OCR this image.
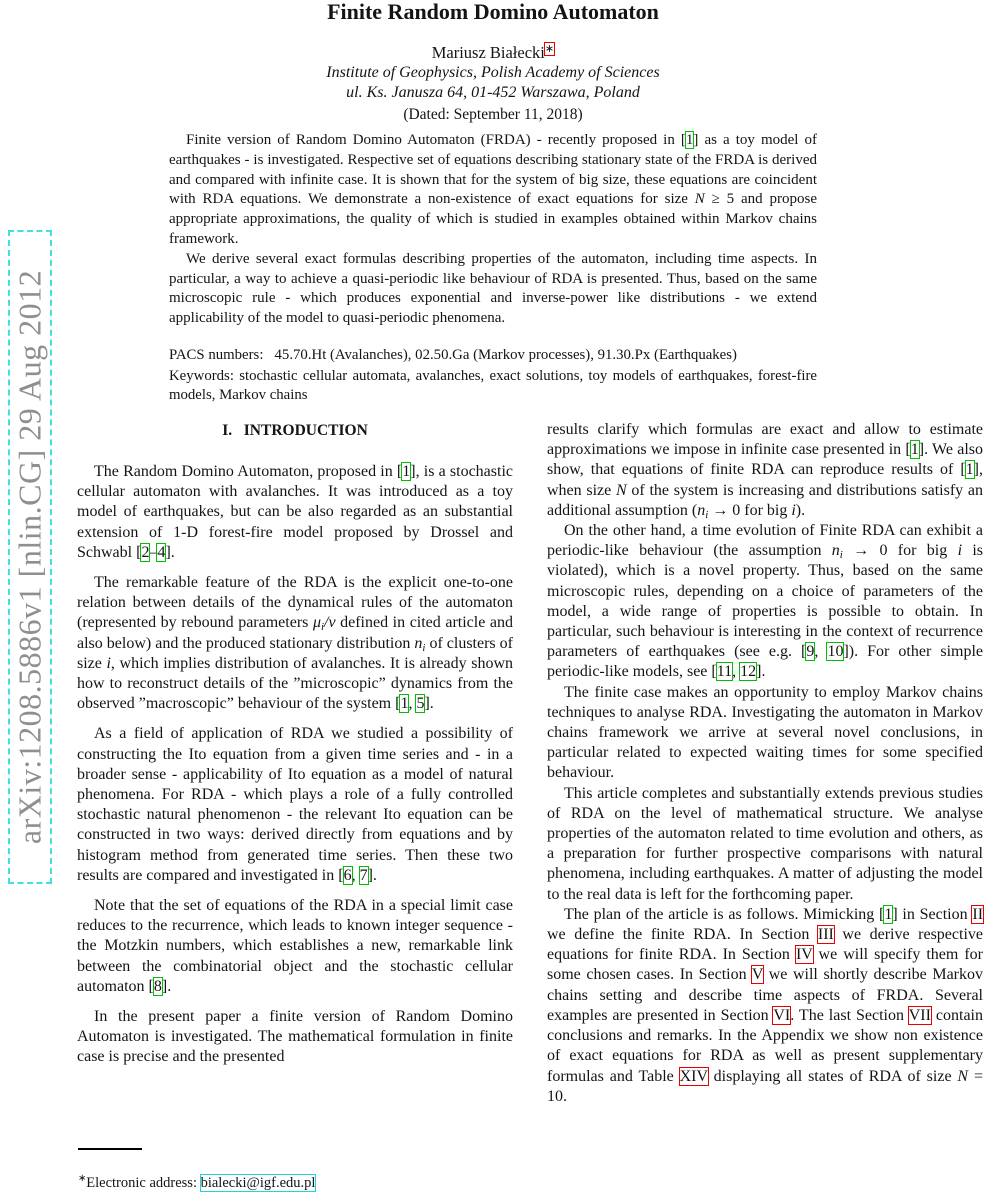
arXiv:1208.5886v1 [nlin.CG] 29 Aug 2012
Finite Random Domino Automaton
Mariusz Białecki∗
Institute of Geophysics, Polish Academy of Sciences
ul. Ks. Janusza 64, 01-452 Warszawa, Poland
(Dated: September 11, 2018)

Finite version of Random Domino Automaton (FRDA) - recently proposed in [1] as a toy model of earthquakes - is investigated. Respective set of equations describing stationary state of the FRDA is derived and compared with infinite case. It is shown that for the system of big size, these equations are coincident with RDA equations. We demonstrate a non-existence of exact equations for size N ≥ 5 and propose appropriate approximations, the quality of which is studied in examples obtained within Markov chains framework.

We derive several exact formulas describing properties of the automaton, including time aspects. In particular, a way to achieve a quasi-periodic like behaviour of RDA is presented. Thus, based on the same microscopic rule - which produces exponential and inverse-power like distributions - we extend applicability of the model to quasi-periodic phenomena.

PACS numbers:   45.70.Ht (Avalanches), 02.50.Ga (Markov processes), 91.30.Px (Earthquakes)
Keywords: stochastic cellular automata, avalanches, exact solutions, toy models of earthquakes, forest-fire models, Markov chains
I.   INTRODUCTION

The Random Domino Automaton, proposed in [1], is a stochastic cellular automaton with avalanches. It was introduced as a toy model of earthquakes, but can be also regarded as an substantial extension of 1-D forest-fire model proposed by Drossel and Schwabl [2–4].

The remarkable feature of the RDA is the explicit one-to-one relation between details of the dynamical rules of the automaton (represented by rebound parameters $\mu_i/\nu$ defined in cited article and also below) and the produced stationary distribution $n_i$ of clusters of size i, which implies distribution of avalanches. It is already shown how to reconstruct details of the ”microscopic” dynamics from the observed ”macroscopic” behaviour of the system [1, 5].

As a field of application of RDA we studied a possibility of constructing the Ito equation from a given time series and - in a broader sense - applicability of Ito equation as a model of natural phenomena. For RDA - which plays a role of a fully controlled stochastic natural phenomenon - the relevant Ito equation can be constructed in two ways: derived directly from equations and by histogram method from generated time series. Then these two results are compared and investigated in [6, 7].

Note that the set of equations of the RDA in a special limit case reduces to the recurrence, which leads to known integer sequence - the Motzkin numbers, which establishes a new, remarkable link between the combinatorial object and the stochastic cellular automaton [8].

In the present paper a finite version of Random Domino Automaton is investigated. The mathematical formulation in finite case is precise and the presented

results clarify which formulas are exact and allow to estimate approximations we impose in infinite case presented in [1]. We also show, that equations of finite RDA can reproduce results of [1], when size N of the system is increasing and distributions satisfy an additional assumption ($n_i \to 0$ for big i).

On the other hand, a time evolution of Finite RDA can exhibit a periodic-like behaviour (the assumption $n_i \to 0$ for big i is violated), which is a novel property. Thus, based on the same microscopic rules, depending on a choice of parameters of the model, a wide range of properties is possible to obtain. In particular, such behaviour is interesting in the context of recurrence parameters of earthquakes (see e.g. [9, 10]). For other simple periodic-like models, see [11, 12].

The finite case makes an opportunity to employ Markov chains techniques to analyse RDA. Investigating the automaton in Markov chains framework we arrive at several novel conclusions, in particular related to expected waiting times for some specified behaviour.

This article completes and substantially extends previous studies of RDA on the level of mathematical structure. We analyse properties of the automaton related to time evolution and others, as a preparation for further prospective comparisons with natural phenomena, including earthquakes. A matter of adjusting the model to the real data is left for the forthcoming paper.

The plan of the article is as follows. Mimicking [1] in Section II we define the finite RDA. In Section III we derive respective equations for finite RDA. In Section IV we will specify them for some chosen cases. In Section V we will shortly describe Markov chains setting and describe time aspects of FRDA. Several examples are presented in Section VI. The last Section VII contain conclusions and remarks. In the Appendix we show non existence of exact equations for RDA as well as present supplementary formulas and Table XIV displaying all states of RDA of size N = 10.

∗Electronic address: bialecki@igf.edu.pl
